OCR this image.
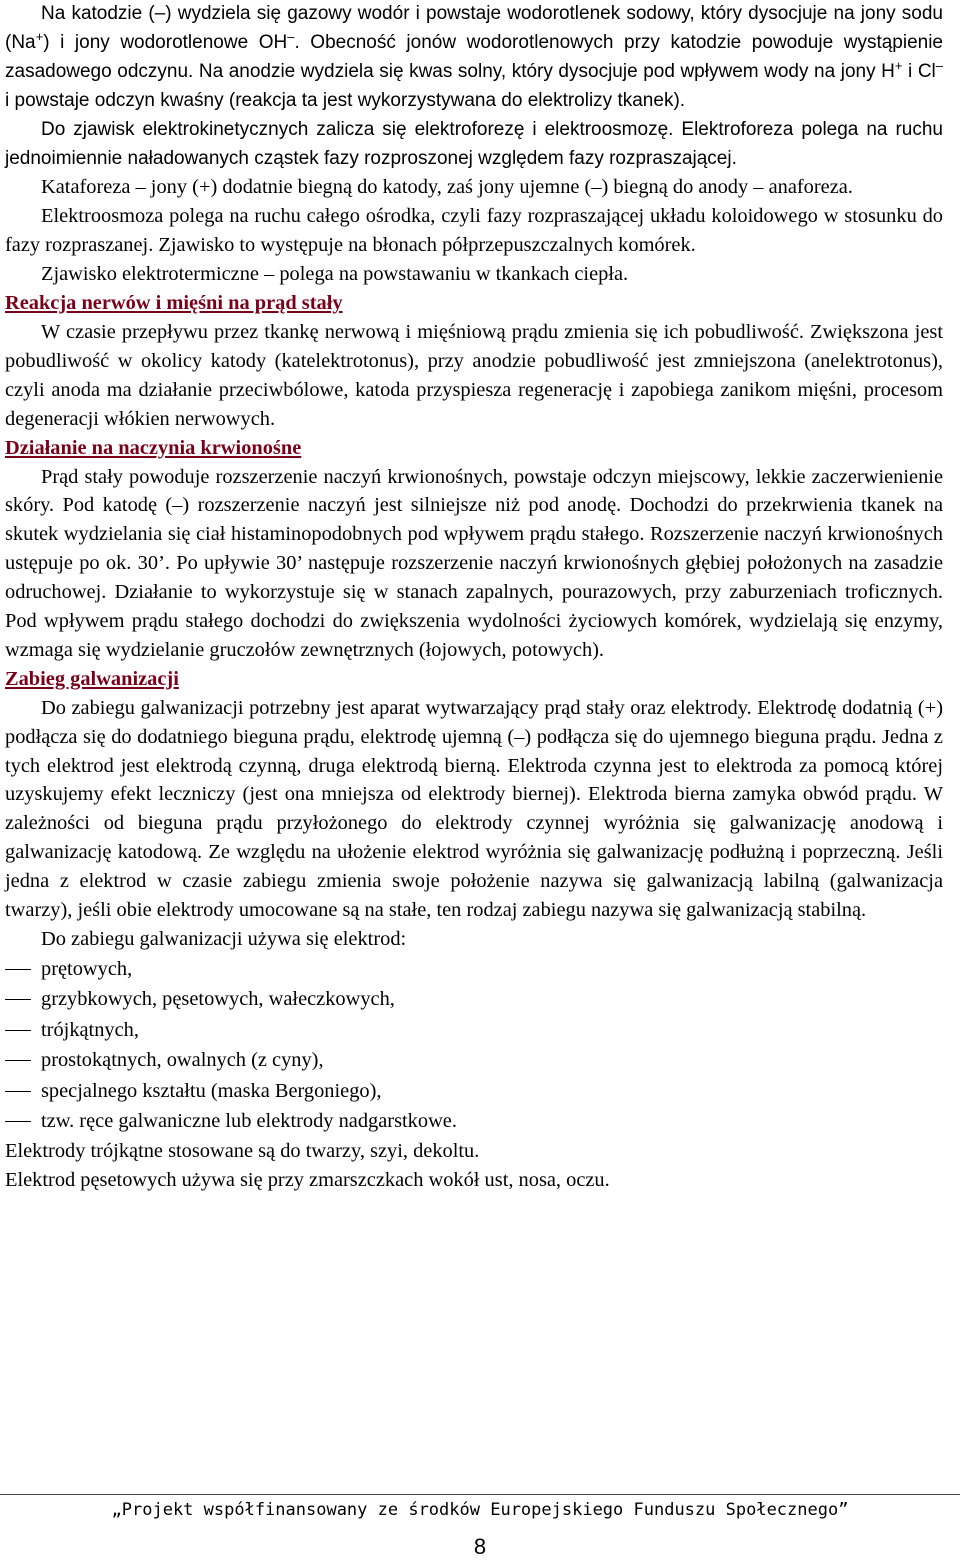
Na katodzie (–) wydziela się gazowy wodór i powstaje wodorotlenek sodowy, który dysocjuje na jony sodu (Na+) i jony wodorotlenowe OH–. Obecność jonów wodorotlenowych przy katodzie powoduje wystąpienie zasadowego odczynu. Na anodzie wydziela się kwas solny, który dysocjuje pod wpływem wody na jony H+ i Cl– i powstaje odczyn kwaśny (reakcja ta jest wykorzystywana do elektrolizy tkanek).

Do zjawisk elektrokinetycznych zalicza się elektroforezę i elektroosmozę. Elektroforeza polega na ruchu jednoimiennie naładowanych cząstek fazy rozproszonej względem fazy rozpraszającej.

Kataforeza – jony (+) dodatnie biegną do katody, zaś jony ujemne (–) biegną do anody – anaforeza.

Elektroosmoza polega na ruchu całego ośrodka, czyli fazy rozpraszającej układu koloidowego w stosunku do fazy rozpraszanej. Zjawisko to występuje na błonach półprzepuszczalnych komórek.

Zjawisko elektrotermiczne – polega na powstawaniu w tkankach ciepła.

Reakcja nerwów i mięśni na prąd stały

W czasie przepływu przez tkankę nerwową i mięśniową prądu zmienia się ich pobudliwość. Zwiększona jest pobudliwość w okolicy katody (katelektrotonus), przy anodzie pobudliwość jest zmniejszona (anelektrotonus), czyli anoda ma działanie przeciwbólowe, katoda przyspiesza regenerację i zapobiega zanikom mięśni, procesom degeneracji włókien nerwowych.

Działanie na naczynia krwionośne

Prąd stały powoduje rozszerzenie naczyń krwionośnych, powstaje odczyn miejscowy, lekkie zaczerwienienie skóry. Pod katodę (–) rozszerzenie naczyń jest silniejsze niż pod anodę. Dochodzi do przekrwienia tkanek na skutek wydzielania się ciał histaminopodobnych pod wpływem prądu stałego. Rozszerzenie naczyń krwionośnych ustępuje po ok. 30’. Po upływie 30’ następuje rozszerzenie naczyń krwionośnych głębiej położonych na zasadzie odruchowej. Działanie to wykorzystuje się w stanach zapalnych, pourazowych, przy zaburzeniach troficznych. Pod wpływem prądu stałego dochodzi do zwiększenia wydolności życiowych komórek, wydzielają się enzymy, wzmaga się wydzielanie gruczołów zewnętrznych (łojowych, potowych).

Zabieg galwanizacji

Do zabiegu galwanizacji potrzebny jest aparat wytwarzający prąd stały oraz elektrody. Elektrodę dodatnią (+) podłącza się do dodatniego bieguna prądu, elektrodę ujemną (–) podłącza się do ujemnego bieguna prądu. Jedna z tych elektrod jest elektrodą czynną, druga elektrodą bierną. Elektroda czynna jest to elektroda za pomocą której uzyskujemy efekt leczniczy (jest ona mniejsza od elektrody biernej). Elektroda bierna zamyka obwód prądu. W zależności od bieguna prądu przyłożonego do elektrody czynnej wyróżnia się galwanizację anodową i galwanizację katodową. Ze względu na ułożenie elektrod wyróżnia się galwanizację podłużną i poprzeczną. Jeśli jedna z elektrod w czasie zabiegu zmienia swoje położenie nazywa się galwanizacją labilną (galwanizacja twarzy), jeśli obie elektrody umocowane są na stałe, ten rodzaj zabiegu nazywa się galwanizacją stabilną.

Do zabiegu galwanizacji używa się elektrod:

prętowych,
grzybkowych, pęsetowych, wałeczkowych,
trójkątnych,
prostokątnych, owalnych (z cyny),
specjalnego kształtu (maska Bergoniego),
tzw. ręce galwaniczne lub elektrody nadgarstkowe.

Elektrody trójkątne stosowane są do twarzy, szyi, dekoltu.

Elektrod pęsetowych używa się przy zmarszczkach wokół ust, nosa, oczu.

„Projekt współfinansowany ze środków Europejskiego Funduszu Społecznego”
8
